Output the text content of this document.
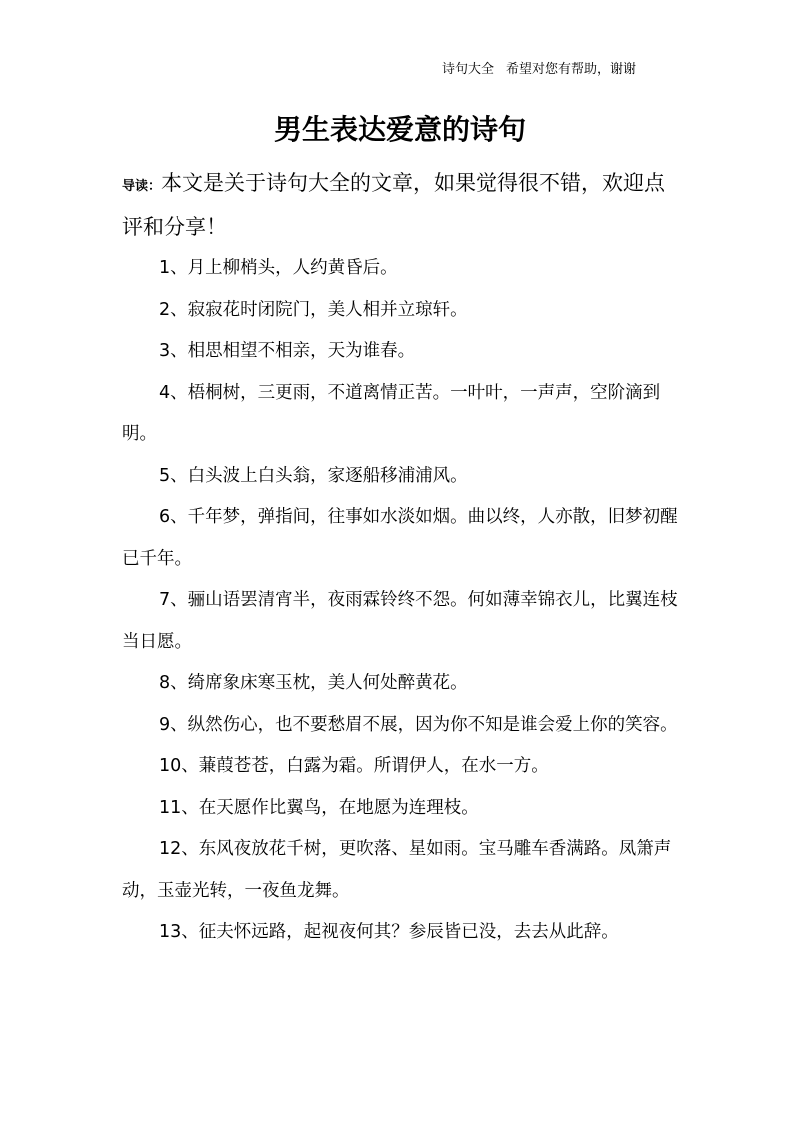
诗句大全 希望对您有帮助，谢谢
男生表达爱意的诗句

导读：本文是关于诗句大全的文章，如果觉得很不错，欢迎点评和分享！

1、月上柳梢头，人约黄昏后。
2、寂寂花时闭院门，美人相并立琼轩。
3、相思相望不相亲，天为谁春。
4、梧桐树，三更雨，不道离情正苦。一叶叶，一声声，空阶滴到明。
5、白头波上白头翁，家逐船移浦浦风。
6、千年梦，弹指间，往事如水淡如烟。曲以终，人亦散，旧梦初醒已千年。
7、骊山语罢清宵半，夜雨霖铃终不怨。何如薄幸锦衣儿，比翼连枝当日愿。
8、绮席象床寒玉枕，美人何处醉黄花。
9、纵然伤心，也不要愁眉不展，因为你不知是谁会爱上你的笑容。
10、蒹葭苍苍，白露为霜。所谓伊人，在水一方。
11、在天愿作比翼鸟，在地愿为连理枝。
12、东风夜放花千树，更吹落、星如雨。宝马雕车香满路。凤箫声动，玉壶光转，一夜鱼龙舞。
13、征夫怀远路，起视夜何其？参辰皆已没，去去从此辞。
